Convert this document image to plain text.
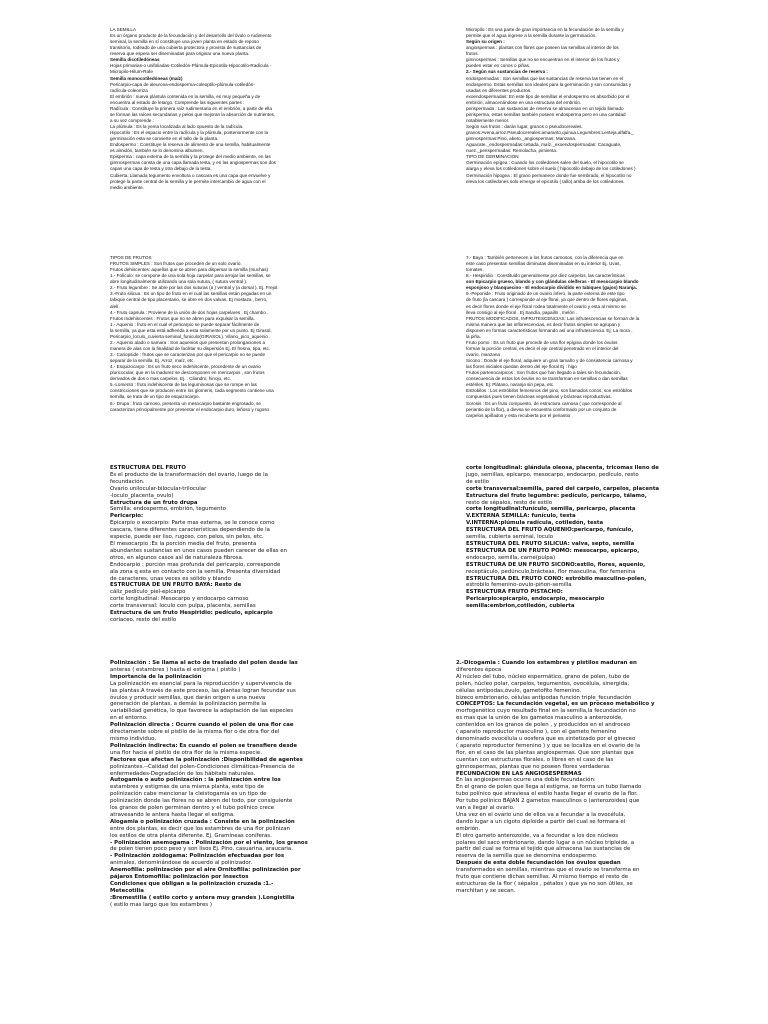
LA SEMILLA

Es un órgano producto de la fecundación y del desarrollo del óvulo o rudimento

seminal, la semilla en sí constituye una joven planta en estado de reposo

transitorio, rodeado de una cubierta protectora y provista de sustancias de

reserva que espera ser diseminadas para originar una nueva planta.

Semilla dicotiledóneas

Hojas primarias-o unifoliadas-Cotiledón-Plúmula-Epicotilo-Hipocotilo-Radícula -

Micropilo-Hilum-Rafe

Semilla monocotiledóneas (maíz)

Pericarpio-capa de aleurona-endosperma-coleoptilo-plúmula-cotiledón-

radícula-coleorriza

El embrión : nueva plántula contenida en la semilla, es muy pequeña y de

encuentra al estado de letargo. Comprende las siguientes partes :

Radícula : Constituye la primera raíz rudimentaria en el embrión, a partir de ella

se forman las raíces secundarias y pelos que mejoran la absorción de nutrientes,

a su vez comprende :

La plúmula : Es la yema localizada al lado opuesto de la radícula.

Hipocotilo : Es el espacio entre la radícula y la plúmula, posteriormente con la

germinación esta se convierte en el tallo de la planta.

Endospermo : Constituye la reserva de alimento de una semilla, habitualmente

es almidón, también se lo denomina albumen.

Episperma : capa externa de la semilla y la protege del medio ambiente, en las

gimnospermas consta de una capa llamada testa, y en las angiospermas son dos

capas una capa de testa y otra debajo de la testa.

Cubierta: Llamada tegumento envoltura o cascara es una capa que envuelve y

protege la parte central de la semilla y le permite intercambio de agua con el

medio ambiente.

Micropilo : Es una parte de gran importancia en la fecundación de la semilla y

permite que el agua ingrese a la semilla durante la germinación.

Según su origen :

angiospermas : plantas con flores que poseen las semillas al interior de los

frutos.

gimnospermas : Semillas que no se encuentran en el interior de los frutos y

pueden estar en conos o piñas.

2.- Según sus sustancias de reserva :

endospermadas : Son semillas que las sustancias de reserva las tienen en el

endospermo. Estas semillas son ideales para la germinación y son consumidas y

usadas en diferentes productos.

exoendospermadas: En este tipo de semillas el endospermo es absorbido por el

embrión, almacenándose en una estructura del embrión.

perispermada : Las sustancias de reserva se almacenan en un tejido llamado

perisperma, estas semillas también poseen endosperma pero en una cantidad

notablemente menor.

Según sus frutos : darán lugar, granos o pseudocereales.

granos:Avena,arroz.Pseudocereales:amaranto,quinua.Legumbres:Lenteja,alfalfa._

gimnospermas:Pino, abeto._angiospermas: Manzana.

Aguacate._endospermadas:cebada, maíz._exoendospermadas: Cacaguate,

nuez._perispermadas: Remolacha, pimienta.

TIPO DE GERMINACION

Germinación epígea : Cuando los cotiledones salen del suelo, el hipocotilo se

alarga y eleva los cotiledones sobre el suelo ( hipocotilo debajo de los cotiledones )

Germinación hipogea : El grano permanece donde fue sembrado, el hipocotilo no

eleva los cotiledones solo emerge el epicotilo ( tallo) arriba de los cotiledones.

TIPOS DE FRUTOS

FRUTOS SIMPLES : Son frutos que proceden de un solo ovario.

Frutos dehiscentes: aquellos que se abren para dispersar la semilla (muchas)

1.- Folículo: se compone de una sola hoja carpelar para arrojar las semillas, se

abre longitudinalmente utilizando una sola sutura, ( sutura ventral ).

2.- Fruto legumbre : Se abre por las dos suturas (a ) ventral y (a dorsal ). Ej. Frejol.

3.-Fruto silicua : Es un tipo de fruto en el cual las semillas están pegadas en un

tabique central de tipo placentario, se abre en dos valvas. Ej mostaza , berro,

alelí.

4.- Fruto capsula : Proviene de la unión de dos hojas carpelares . Ej chambo .

Frutos Indehiscentes : Frutos que no se abren para expulsar la semilla.

1.- Aquenio : fruto en el cual el pericarpio se puede separar fácilmente de

la semilla, ya que esta está adherida a esta solamente por un punto. Ej Girasol,

Pericarpio_loculo_cuvierta seminal_funiculo(GIRASOL). Vilano_pico_aquenio .

2.- Aquenio alado o samara : Son aquenios que presentan prolongaciones a

manera de alas con la finalidad de facilitar su dispersión Ej. El fresno, tipa, etc.

3.- Cariopside : frutos que se caracterizan por que el pericarpio no se puede

separar de la semilla. Ej. Arroz, maíz, etc.

4.- Esquizocarpo : Es un fruto seco indehiscente, procedente de un ovario

pluricocular, que en la madurez se descomponen en mericarpos , son frutos

derivados de dos o mas carpelos. Ej. . Cilandro, hinojo, etc.

5.-Lomento : fruto indehiscente de las leguminosas que se rompe en las

constricciones que se producen entre los glomeris, cada segmento contiene una

semilla, se trata de un tipo de esquizocarpo.

6.- Drupa : fruto carnoso, presenta un mesocarpio bastante engrosado, se

caracterizan principalmente por presentar el endocarpio duro, leñoso y rugoso

7.- Baya : También pertenecen a los frutos carnosos, con la diferencia que en

este caso presentan semillas diminutas diseminadas en su interior Ej. Uvas,

tomates.

8.- Hespiridio : Constituido generalmente por diez carpelos, las características

son Epicarpio grueso, blando y con glándulas oleíferas - El mesocarpio blando

esponjoso y blanquecino - El endocarpio dividido en tabiques (gajos) Naranja.

9.-Peponide : Fruto originado de un ovario ínfero, la parte externa de este tipo

de fruto (la cascara ) corresponde al eje floral, ya que dentro de flores epiginas,

es decir flores donde el eje floral rodea totalmente el ovario y esta al mismo se

lleva consigo al eje floral . Ej Sandía, papaillo , melón .

FRUTOS MODIFICADOS, INFRUTESCENCIAS: Las infrutescencias se forman de la

misma manera que las inflorescencias, es decir frutos simples se agrupan y

disponen en formas características formando así una infrutescencia. Ej: La mora ,

la piña.

Fruto pomo : Es un fruto que procede de una flor epígina donde los óvulos

forman la porción central, es decir el eje central penetrado en el interior del

ovario. manzana

Sicono : Donde el eje floral, adquiere un gran tamaño y de consistencia carnosa y

las flores iniciales quedan dentro del eje floral Ej : higo

Frutos partenocarpicos : Son frutos que han llegado a tales sin fecundación,

consecuencia de estos los óvulos no se transforman en semillas o dan semillas

estériles. Ej: Plátano, naranja sin pepa, etc.

Estrobilos : Los estróbilos femeninos del pino, son llamados conos, son estróbilos

compuestos pues tienen brácteas vegetativas y brácteas reproductivas.

Sorosis : Es un fruto compuesto, de estructura carnosa ( que corresponde al

periantio de la flor), a dievsa se encuentra conformado por un conjunto de

carpelos apiñados y esta recubierta por el periantio

ESTRUCTURA DEL FRUTO

Es el producto de la transformación del ovario, luego de la

fecundación.

Ovario unilocular-bilocular-trilocular

-loculo_placenta_ovulo)

Estructura de un fruto drupa

Semilla: endospermo, embrión, tegumento

Pericarpio:

Epicarpio o exocarpio: Parte mas externa, se le conoce como

cascara, tiene diferentes características dependiendo de la

especie, puede ser liso, rugoso, con pelos, sin pelos, etc.

El mesocarpio :Es la porción media del fruto, presenta

abundantes sustancias en unos casos pueden carecer de ellas en

otros, en algunos casos así de naturaleza fibrosa.

Endocarpio : porción mas profunda del pericarpio, corresponde

ala zona q esta en contacto con la semilla. Presenta diversidad

de caracteres, unas veces es sólido y blando

ESTRUCTURA DE UN FRUTO BAYA: Resto de

cáliz_pedículo_piel-epicarpo

corte longitudinal: Mesocarpo y endocarpo carnoso

corte transversal: loculo con pulpa, placenta, semillas

Estructura de un fruto Hespiridio: pedículo, epicarpio

coriaceo, resto del estilo

corte longitudinal: glándula oleosa, placenta, tricomas lleno de

jugo, semillas, epicarpo, mesocarpo, endocarpo, pedículo, resto

de estilo

corte transversal:semilla, pared del carpelo, carpelos, placenta

Estructura del fruto legumbre: pedículo, pericarpo, tálamo,

resto de sépalos, resto de estilo

corte longitudinal:funículo, semilla, pericarpo, placenta

V.EXTERNA SEMILLA: funículo, testa

V.INTERNA:plúmula radícula, cotiledón, testa

ESTRUCTURA DEL FRUTO AQUENIO:pericarpo, funículo,

semilla, cubierta seminal, loculo

ESTRUCTURA DEL FRUTO SILICUA: valva, septo, semilla

ESTRUCTURA DE UN FRUTO POMO: mesocarpo, epicarpo,

endocarpo, semilla, carne(pulpa)

ESTRUCTURA DE UN FRUTO SICONO:estilo, flores, aquenio,

receptáculo, pedúnculo,brácteas, flor masculina, flor femenina

ESTRUCTURA DEL FRUTO CONO: estróbilo masculino-polen,

estróbilo femenino-ovulo-piñon-semilla

ESTRUCTURA FRUTO PISTACHO:

Pericarpio:epicarpio, endocarpio, mesocarpio

semilla:embrion,cotiledón, cubierta

Polinización : Se llama al acto de traslado del polen desde las

anteras ( estambres ) hasta el estigma ( pistilo )

Importancia de la polinización

La polinización es esencial para la reproducción y supervivencia de

las plantas.A través de este proceso, las plantas logran fecundar sus

óvulos y producir semillas, que darán origen a una nueva

generación de plantas, a demás la polinización permite la

variabilidad genética, lo que favorece la adaptación de las especies

en el entorno.

Polinización directa : Ocurre cuando el polen de una flor cae

directamente sobre el pistilo de la misma flor o de otra flor del

mismo individuo.

Polinización indirecta: Es cuando el polen se transfiere desde

una flor hacia el pistilo de otra flor de la misma especie.

Factores que afectan la polinización :Disponibilidad de agentes

polinizantes.--Calidad del polen-Condiciones climáticas-Presencia de

enfermedades-Degradación de los hábitats naturales.

Autogamia o auto polinización : la polinización entre los

estambres y estigmas de una misma planta, este tipo de

polinización cabe mencionar la cleistogamia es un tipo de

polinización donde las flores no se abren del todo, por consiguiente

los granos de polen germinan dentro y el tubo polínico crece

atravesando le antera hasta llegar el estigma.

Alogamia o polinización cruzada : Consiste en la polinización

entre dos plantas, es decir que los estambres de una flor polinizan

los estilos de otra planta diferente. Ej. Gramíneas coníferas.

- Polinización anemogama : Polinización por el viento, los granos

de polen tienen poco peso y son lisos Ej. Pino, casuarina, araucaria.

- Polinización zoidogama: Polinización efectuadas por los

animales, denominándose de acuerdo al polinizador.

Anemofilia: polinización por el aire Ornitofilia: polinización por

pájaros Entomofilia: polinización por insectos

Condiciones que obligan a la polinización cruzada :1.-

Metecotilia

:Bremestilia ( estilo corto y antera muy grandes ).Longistilia

( estilo mas largo que los estambres )

2.-Dicogamia : Cuando los estambres y pistilos maduran en

diferentes época

Al núcleo del tubo, núcleo espermático, grano de polen, tubo de

polen, núcleo polar, carpelos, tegumentos, ovocélula, sinergida,

células antípodas,óvulo, gametofito femenino.

bizeco embrionario, células antípodas función triple_fecundación

CONCEPTOS: La fecundación vegetal, es un proceso metabólico y

morfogenético cuyo resultado final en la semilla,la fecundación no

es mas que la unión de los gametos masculino a anterozoide,

contenidos en los granos de polen , y producidos en el androceo

( aparato reproductor masculino ), con el gameto femenino

denominado ovocélula u oosfera que es sintetizado por el gineceo

( aparato reproductor femenino ) y que se localiza en el ovario de la

flor, en el caso de las plantas angiospermas. Que son plantas que

cuentan con estructuras florales, o libres en el caso de las

gimnospermas, plantas que no poseen flores verdaderas

FECUNDACION EN LAS ANGIOSESPERMAS

En las angiospermas ocurre una doble fecundación:

En el grano de polen que llega al estigma, se forma un tubo llamado

tubo polínico que atraviesa el estilo hasta llegar el ovario de la flor.

Por tubo polínico BAJAN 2 gametos masculinos o (anterozoides) que

van a llegar al ovario.

Una vez en el ovario uno de ellos va a fecundar a la ovocélula,

dando lugar a un cigoto diploide a partir del cual se formara el

embrión.

El otro gameto anterozoide, va a fecundar a los dos núcleos

polares del saco embrionario, dando lugar a un núcleo triploide, a

partir del cual se forma el tejido que almacena las sustancias de

reserva de la semilla que se denomina endospermo.

Después de esta doble fecundación los óvulos quedan

transformados en semillas, mientras que el ovario se transforma en

fruto que contiene dichas semillas. Al mismo tiempo el resto de

estructuras de la flor ( sépalos , pétalos ) que ya no son útiles, se

marchitan y se secan.
